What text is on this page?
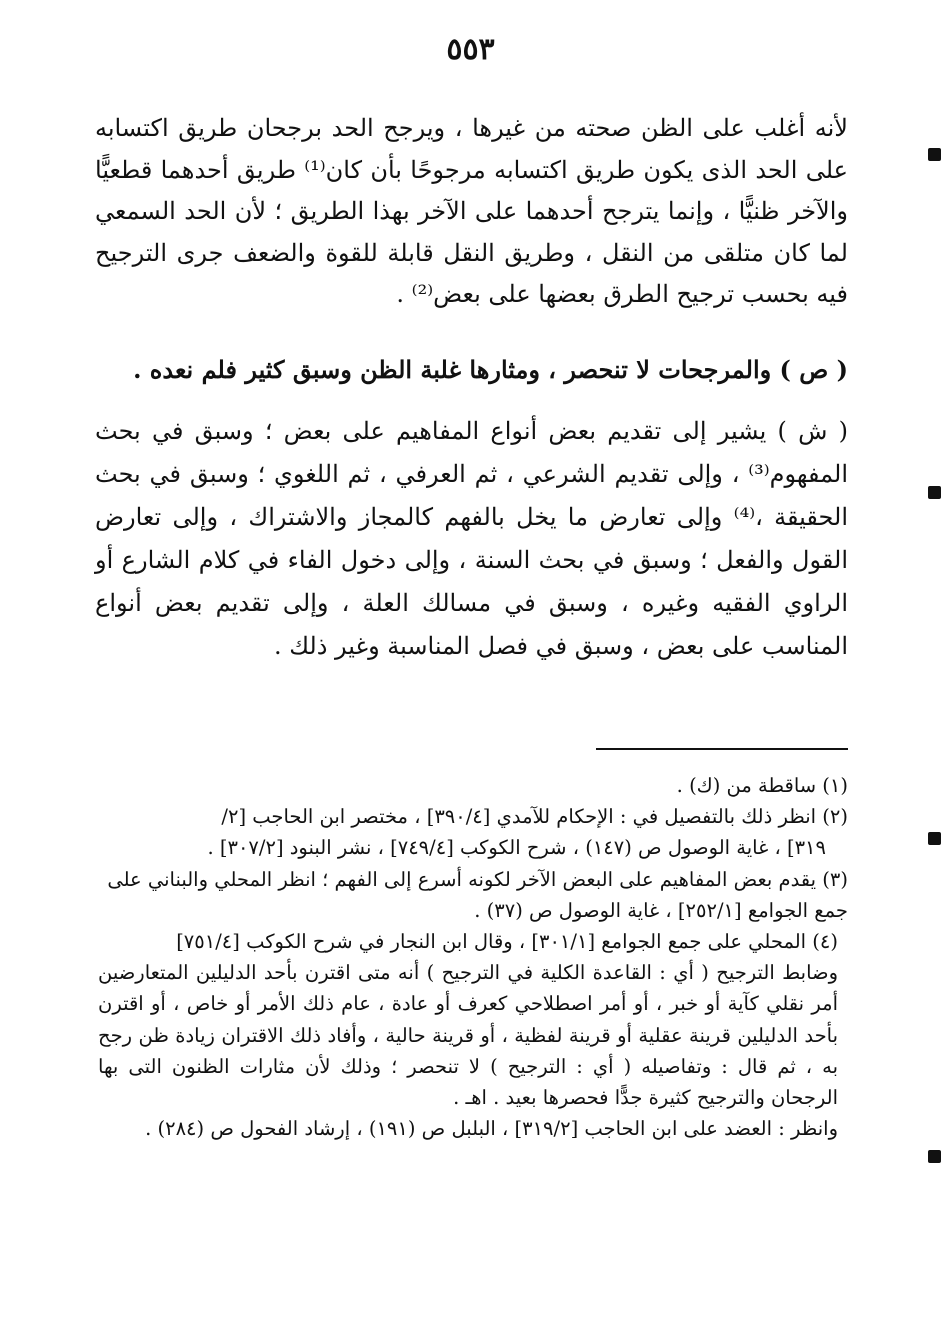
٥٥٣
لأنه أغلب على الظن صحته من غيرها ، ويرجح الحد برجحان طريق اكتسابه على الحد الذى يكون طريق اكتسابه مرجوحًا بأن كان⁽¹⁾ طريق أحدهما قطعيًّا والآخر ظنيًّا ، وإنما يترجح أحدهما على الآخر بهذا الطريق ؛ لأن الحد السمعي لما كان متلقى من النقل ، وطريق النقل قابلة للقوة والضعف جرى الترجيح فيه بحسب ترجيح الطرق بعضها على بعض⁽²⁾ .
( ص ) والمرجحات لا تنحصر ، ومثارها غلبة الظن وسبق كثير فلم نعده .
( ش ) يشير إلى تقديم بعض أنواع المفاهيم على بعض ؛ وسبق في بحث المفهوم⁽³⁾ ، وإلى تقديم الشرعي ، ثم العرفي ، ثم اللغوي ؛ وسبق في بحث الحقيقة ،⁽⁴⁾ وإلى تعارض ما يخل بالفهم كالمجاز والاشتراك ، وإلى تعارض القول والفعل ؛ وسبق في بحث السنة ، وإلى دخول الفاء في كلام الشارع أو الراوي الفقيه وغيره ، وسبق في مسالك العلة ، وإلى تقديم بعض أنواع المناسب على بعض ، وسبق في فصل المناسبة وغير ذلك .

(١) ساقطة من (ك) .

(٢) انظر ذلك بالتفصيل في : الإحكام للآمدي [٣٩٠/٤] ، مختصر ابن الحاجب [٢/

٣١٩] ، غاية الوصول ص (١٤٧) ، شرح الكوكب [٧٤٩/٤] ، نشر البنود [٣٠٧/٢] .

(٣) يقدم بعض المفاهيم على البعض الآخر لكونه أسرع إلى الفهم ؛ انظر المحلي والبناني على

جمع الجوامع [٢٥٢/١] ، غاية الوصول ص (٣٧) .

(٤) المحلي على جمع الجوامع [٣٠١/١] ، وقال ابن النجار في شرح الكوكب [٧٥١/٤]

وضابط الترجيح ( أي : القاعدة الكلية في الترجيح ) أنه متى اقترن بأحد الدليلين المتعارضين أمر نقلي كآية أو خبر ، أو أمر اصطلاحي كعرف أو عادة ، عام ذلك الأمر أو خاص ، أو اقترن بأحد الدليلين قرينة عقلية أو قرينة لفظية ، أو قرينة حالية ، وأفاد ذلك الاقتران زيادة ظن رجح به ، ثم قال : وتفاصيله ( أي : الترجيح ) لا تنحصر ؛ وذلك لأن مثارات الظنون التى بها الرجحان والترجيح كثيرة جدًّا فحصرها بعيد . اهـ .

وانظر : العضد على ابن الحاجب [٣١٩/٢] ، البلبل ص (١٩١) ، إرشاد الفحول ص (٢٨٤) .
